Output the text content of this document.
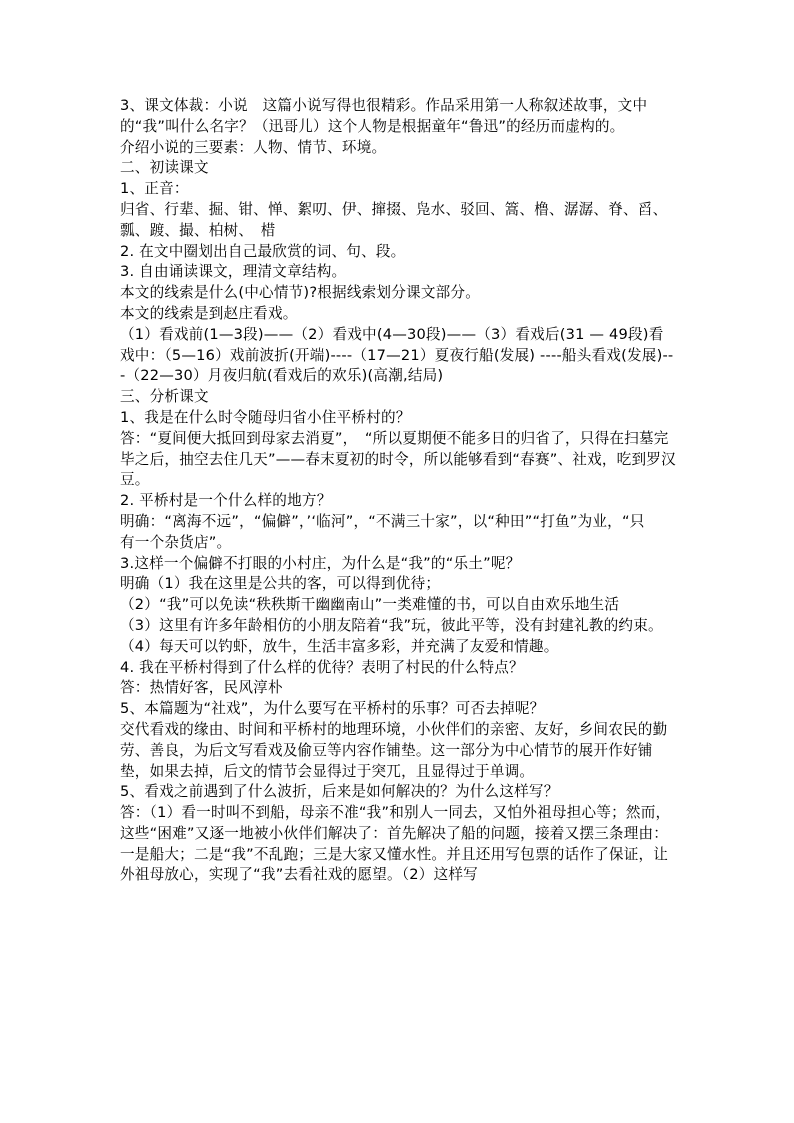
3、课文体裁：小说　这篇小说写得也很精彩。作品采用第一人称叙述故事，文中的“我”叫什么名字？（迅哥儿）这个人物是根据童年“鲁迅”的经历而虚构的。

介绍小说的三要素：人物、情节、环境。

二、初读课文

1、正音：

归省、行辈、掘、钳、惮、絮叨、伊、撺掇、凫水、驳回、篙、橹、潺潺、脊、舀、瓢、踱、撮、柏树、　棤

2. 在文中圈划出自己最欣赏的词、句、段。

3. 自由诵读课文，理清文章结构。

本文的线索是什么(中心情节)?根据线索划分课文部分。

本文的线索是到赵庄看戏。

（1）看戏前(1—3段)——（2）看戏中(4—30段)——（3）看戏后(31 — 49段)看戏中：（5—16）戏前波折(开端)----（17—21）夏夜行船(发展) ----船头看戏(发展)---（22—30）月夜归航(看戏后的欢乐)(高潮,结局)

三、分析课文

1、我是在什么时令随母归省小住平桥村的？

答：“夏间便大抵回到母家去消夏”，　“所以夏期便不能多日的归省了，只得在扫墓完毕之后，抽空去住几天”——春末夏初的时令，所以能够看到“春赛”、社戏，吃到罗汉豆。

2. 平桥村是一个什么样的地方？

明确：“离海不远”，“偏僻”，’‘临河”，“不满三十家”，以“种田”“打鱼”为业，“只

有一个杂货店”。

3.这样一个偏僻不打眼的小村庄，为什么是“我”的“乐土”呢？

明确（1）我在这里是公共的客，可以得到优待；

（2）“我”可以免读“秩秩斯干幽幽南山”一类难懂的书，可以自由欢乐地生活

（3）这里有许多年龄相仿的小朋友陪着“我”玩，彼此平等，没有封建礼教的约束。

（4）每天可以钓虾，放牛，生活丰富多彩，并充满了友爱和情趣。

4. 我在平桥村得到了什么样的优待？表明了村民的什么特点？

答：热情好客，民风淳朴

5、本篇题为“社戏”，为什么要写在平桥村的乐事？可否去掉呢？

交代看戏的缘由、时间和平桥村的地理环境，小伙伴们的亲密、友好，乡间农民的勤劳、善良，为后文写看戏及偷豆等内容作铺垫。这一部分为中心情节的展开作好铺垫，如果去掉，后文的情节会显得过于突兀，且显得过于单调。

5、看戏之前遇到了什么波折，后来是如何解决的？为什么这样写？

答：（1）看一时叫不到船，母亲不准“我”和别人一同去，又怕外祖母担心等；然而，这些“困难”又逐一地被小伙伴们解决了：首先解决了船的问题，接着又摆三条理由：一是船大；二是“我”不乱跑；三是大家又懂水性。并且还用写包票的话作了保证，让外祖母放心，实现了“我”去看社戏的愿望。（2）这样写
